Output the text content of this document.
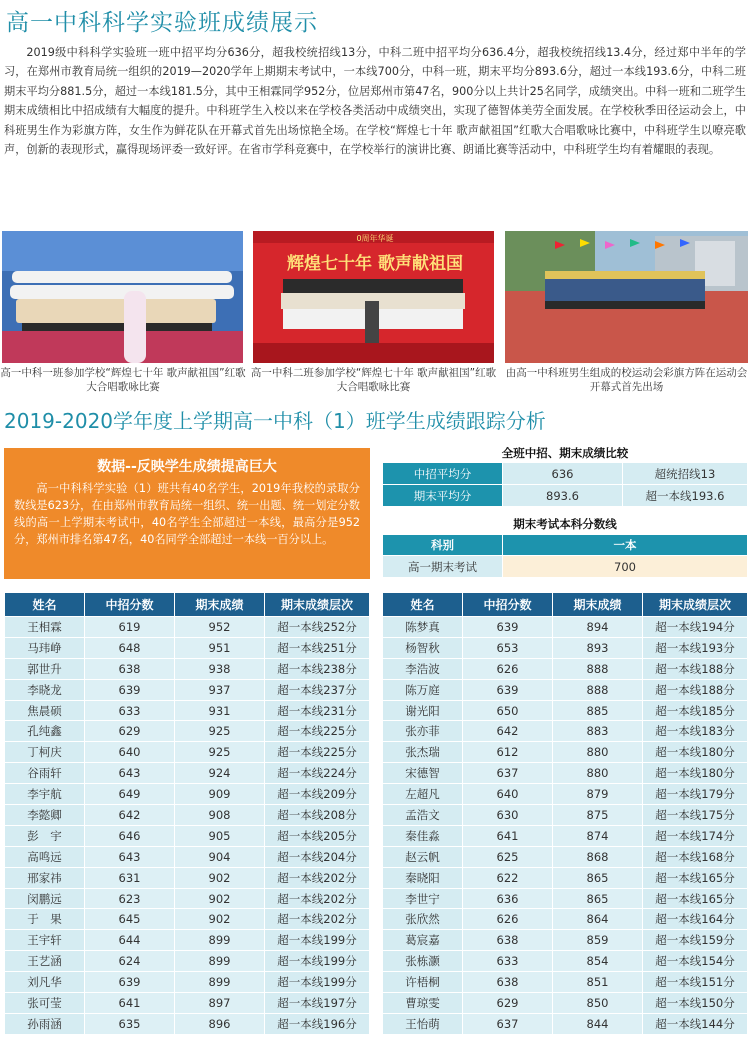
高一中科科学实验班成绩展示
2019级中科科学实验班一班中招平均分636分，超我校统招线13分，中科二班中招平均分636.4分，超我校统招线13.4分，经过郑中半年的学习，在郑州市教育局统一组织的2019—2020学年上期期末考试中，一本线700分，中科一班，期末平均分893.6分，超过一本线193.6分，中科二班期末平均分881.5分，超过一本线181.5分，其中王相霖同学952分，位居郑州市第47名，900分以上共计25名同学，成绩突出。中科一班和二班学生期末成绩相比中招成绩有大幅度的提升。中科班学生入校以来在学校各类活动中成绩突出，实现了德智体美劳全面发展。在学校秋季田径运动会上，中科班男生作为彩旗方阵，女生作为鲜花队在开幕式首先出场惊艳全场。在学校“辉煌七十年 歌声献祖国”红歌大合唱歌咏比赛中，中科班学生以嘹亮歌声，创新的表现形式，赢得现场评委一致好评。在省市学科竞赛中，在学校举行的演讲比赛、朗诵比赛等活动中，中科班学生均有着耀眼的表现。
0周年华诞
辉煌七十年 歌声献祖国
高一中科一班参加学校“辉煌七十年 歌声献祖国”红歌大合唱歌咏比赛
高一中科二班参加学校“辉煌七十年 歌声献祖国”红歌大合唱歌咏比赛
由高一中科班男生组成的校运动会彩旗方阵在运动会开幕式首先出场
2019-2020学年度上学期高一中科（1）班学生成绩跟踪分析
数据--反映学生成绩提高巨大
高一中科科学实验（1）班共有40名学生，2019年我校的录取分数线是623分，在由郑州市教育局统一组织、统一出题、统一划定分数线的高一上学期末考试中，40名学生全部超过一本线，最高分是952分，郑州市排名第47名，40名同学全部超过一本线一百分以上。
全班中招、期末成绩比较
中招平均分	636	超统招线13
期末平均分	893.6	超一本线193.6
期末考试本科分数线
科别	一本
高一期末考试	700
姓名	中招分数	期末成绩	期末成绩层次
王相霖	619	952	超一本线252分
马玮峥	648	951	超一本线251分
郭世升	638	938	超一本线238分
李晓龙	639	937	超一本线237分
焦晨硕	633	931	超一本线231分
孔纯鑫	629	925	超一本线225分
丁柯庆	640	925	超一本线225分
谷雨轩	643	924	超一本线224分
李宇航	649	909	超一本线209分
李懿卿	642	908	超一本线208分
彭　宇	646	905	超一本线205分
高鸣远	643	904	超一本线204分
邢家祎	631	902	超一本线202分
闵鹏远	623	902	超一本线202分
于　果	645	902	超一本线202分
王宇轩	644	899	超一本线199分
王艺涵	624	899	超一本线199分
刘凡华	639	899	超一本线199分
张可莹	641	897	超一本线197分
孙雨涵	635	896	超一本线196分
姓名	中招分数	期末成绩	期末成绩层次
陈梦真	639	894	超一本线194分
杨智秋	653	893	超一本线193分
李浩波	626	888	超一本线188分
陈万庭	639	888	超一本线188分
谢光阳	650	885	超一本线185分
张亦菲	642	883	超一本线183分
张杰瑞	612	880	超一本线180分
宋德智	637	880	超一本线180分
左超凡	640	879	超一本线179分
孟浩文	630	875	超一本线175分
秦佳淼	641	874	超一本线174分
赵云帆	625	868	超一本线168分
秦晓阳	622	865	超一本线165分
李世宁	636	865	超一本线165分
张欣然	626	864	超一本线164分
葛宸嘉	638	859	超一本线159分
张栋灏	633	854	超一本线154分
许梧桐	638	851	超一本线151分
曹琼雯	629	850	超一本线150分
王怡萌	637	844	超一本线144分
